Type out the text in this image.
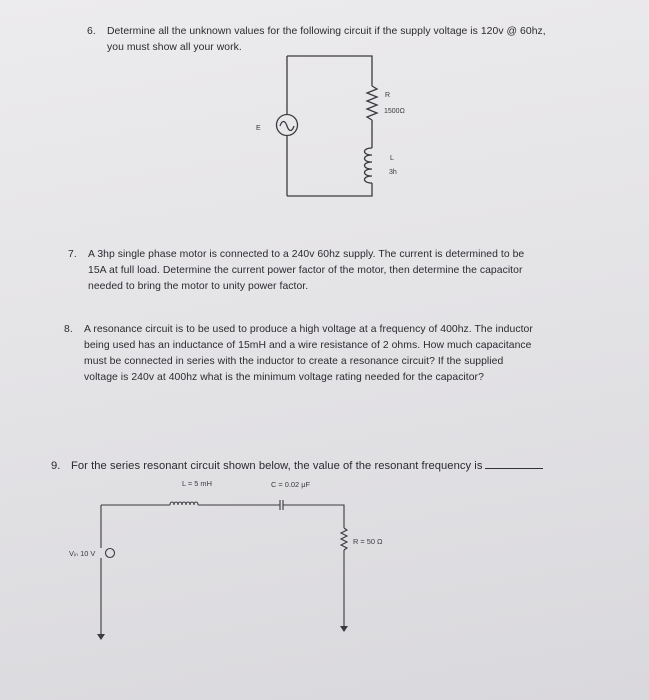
6. Determine all the unknown values for the following circuit if the supply voltage is 120v @ 60hz,
you must show all your work.
E
R
1500Ω
L
3h
L = 5 mH	C = 0.02 μF
R = 50 Ω
Vᵢₙ 10 V
7. A 3hp single phase motor is connected to a 240v 60hz supply. The current is determined to be
15A at full load. Determine the current power factor of the motor, then determine the capacitor
needed to bring the motor to unity power factor.
8. A resonance circuit is to be used to produce a high voltage at a frequency of 400hz. The inductor
being used has an inductance of 15mH and a wire resistance of 2 ohms. How much capacitance
must be connected in series with the inductor to create a resonance circuit? If the supplied
voltage is 240v at 400hz what is the minimum voltage rating needed for the capacitor?
9. For the series resonant circuit shown below, the value of the resonant frequency is
